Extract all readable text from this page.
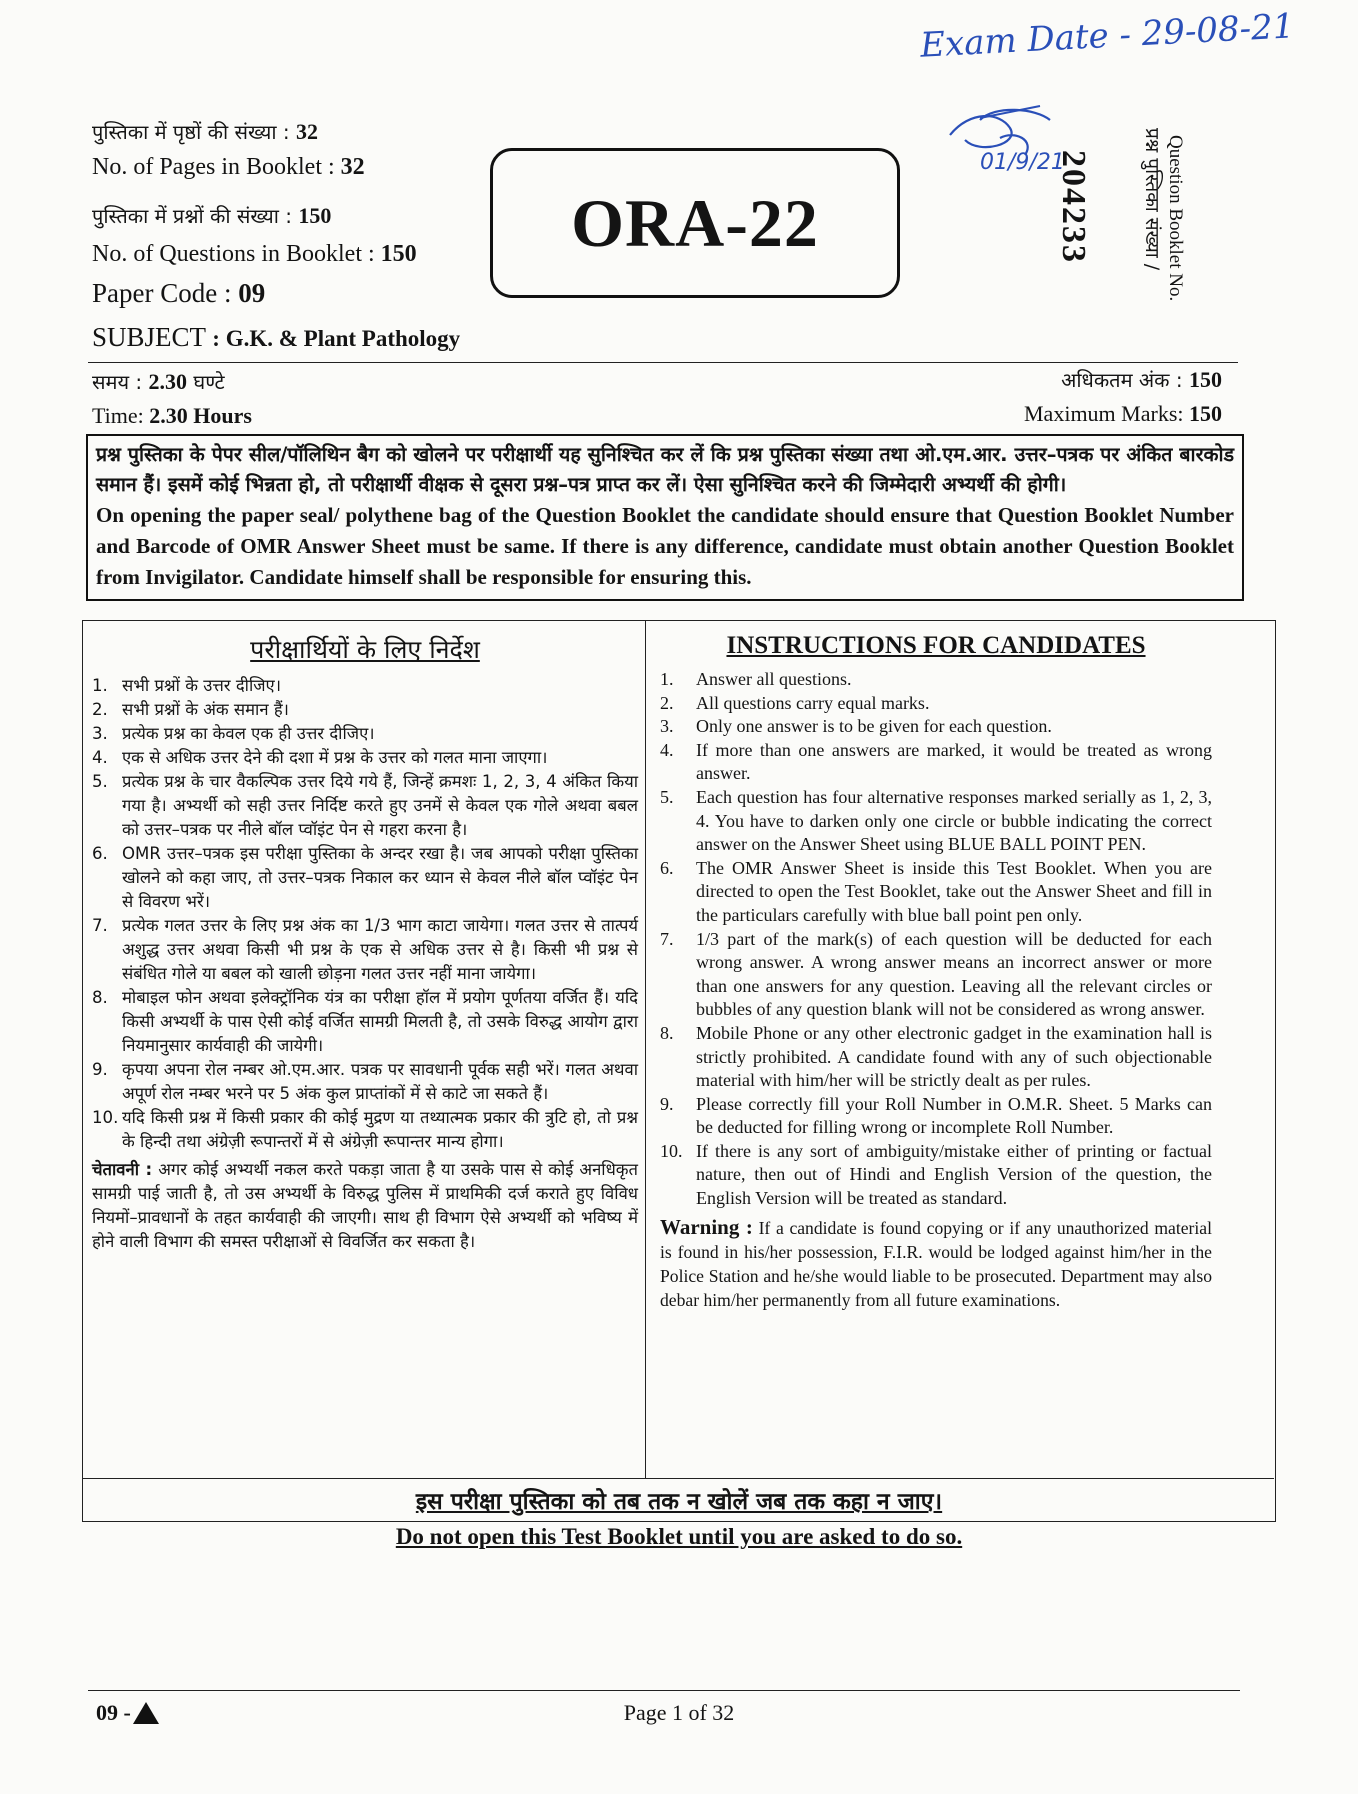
Exam Date - 29-08-21
01/9/21
पुस्तिका में पृष्ठों की संख्या : 32
No. of Pages in Booklet : 32
पुस्तिका में प्रश्नों की संख्या : 150
No. of Questions in Booklet : 150
Paper Code : 09
SUBJECT : G.K. & Plant Pathology
ORA-22	204233	प्रश्न पुस्तिका संख्या / Question Booklet No.
समय : 2.30 घण्टे
Time: 2.30 Hours
अधिकतम अंक : 150
Maximum Marks: 150
प्रश्न पुस्तिका के पेपर सील/पॉलिथिन बैग को खोलने पर परीक्षार्थी यह सुनिश्चित कर लें कि प्रश्न पुस्तिका संख्या तथा ओ.एम.आर. उत्तर–पत्रक पर अंकित बारकोड समान हैं। इसमें कोई भिन्नता हो, तो परीक्षार्थी वीक्षक से दूसरा प्रश्न–पत्र प्राप्त कर लें। ऐसा सुनिश्चित करने की जिम्मेदारी अभ्यर्थी की होगी।
On opening the paper seal/ polythene bag of the Question Booklet the candidate should ensure that Question Booklet Number and Barcode of OMR Answer Sheet must be same. If there is any difference, candidate must obtain another Question Booklet from Invigilator. Candidate himself shall be responsible for ensuring this.
परीक्षार्थियों के लिए निर्देश
1. सभी प्रश्नों के उत्तर दीजिए।
2. सभी प्रश्नों के अंक समान हैं।
3. प्रत्येक प्रश्न का केवल एक ही उत्तर दीजिए।
4. एक से अधिक उत्तर देने की दशा में प्रश्न के उत्तर को गलत माना जाएगा।
5. प्रत्येक प्रश्न के चार वैकल्पिक उत्तर दिये गये हैं, जिन्हें क्रमशः 1, 2, 3, 4 अंकित किया गया है। अभ्यर्थी को सही उत्तर निर्दिष्ट करते हुए उनमें से केवल एक गोले अथवा बबल को उत्तर–पत्रक पर नीले बॉल प्वॉइंट पेन से गहरा करना है।
6. OMR उत्तर–पत्रक इस परीक्षा पुस्तिका के अन्दर रखा है। जब आपको परीक्षा पुस्तिका खोलने को कहा जाए, तो उत्तर–पत्रक निकाल कर ध्यान से केवल नीले बॉल प्वॉइंट पेन से विवरण भरें।
7. प्रत्येक गलत उत्तर के लिए प्रश्न अंक का 1/3 भाग काटा जायेगा। गलत उत्तर से तात्पर्य अशुद्ध उत्तर अथवा किसी भी प्रश्न के एक से अधिक उत्तर से है। किसी भी प्रश्न से संबंधित गोले या बबल को खाली छोड़ना गलत उत्तर नहीं माना जायेगा।
8. मोबाइल फोन अथवा इलेक्ट्रॉनिक यंत्र का परीक्षा हॉल में प्रयोग पूर्णतया वर्जित हैं। यदि किसी अभ्यर्थी के पास ऐसी कोई वर्जित सामग्री मिलती है, तो उसके विरुद्ध आयोग द्वारा नियमानुसार कार्यवाही की जायेगी।
9. कृपया अपना रोल नम्बर ओ.एम.आर. पत्रक पर सावधानी पूर्वक सही भरें। गलत अथवा अपूर्ण रोल नम्बर भरने पर 5 अंक कुल प्राप्तांकों में से काटे जा सकते हैं।
10. यदि किसी प्रश्न में किसी प्रकार की कोई मुद्रण या तथ्यात्मक प्रकार की त्रुटि हो, तो प्रश्न के हिन्दी तथा अंग्रेज़ी रूपान्तरों में से अंग्रेज़ी रूपान्तर मान्य होगा।
चेतावनी : अगर कोई अभ्यर्थी नकल करते पकड़ा जाता है या उसके पास से कोई अनधिकृत सामग्री पाई जाती है, तो उस अभ्यर्थी के विरुद्ध पुलिस में प्राथमिकी दर्ज कराते हुए विविध नियमों–प्रावधानों के तहत कार्यवाही की जाएगी। साथ ही विभाग ऐसे अभ्यर्थी को भविष्य में होने वाली विभाग की समस्त परीक्षाओं से विवर्जित कर सकता है।
INSTRUCTIONS FOR CANDIDATES
1.	Answer all questions.
2.	All questions carry equal marks.
3.	Only one answer is to be given for each question.
4.	If more than one answers are marked, it would be treated as wrong answer.
5.	Each question has four alternative responses marked serially as 1, 2, 3, 4. You have to darken only one circle or bubble indicating the correct answer on the Answer Sheet using BLUE BALL POINT PEN.
6.	The OMR Answer Sheet is inside this Test Booklet. When you are directed to open the Test Booklet, take out the Answer Sheet and fill in the particulars carefully with blue ball point pen only.
7.	1/3 part of the mark(s) of each question will be deducted for each wrong answer. A wrong answer means an incorrect answer or more than one answers for any question. Leaving all the relevant circles or bubbles of any question blank will not be considered as wrong answer.
8.	Mobile Phone or any other electronic gadget in the examination hall is strictly prohibited. A candidate found with any of such objectionable material with him/her will be strictly dealt as per rules.
9.	Please correctly fill your Roll Number in O.M.R. Sheet. 5 Marks can be deducted for filling wrong or incomplete Roll Number.
10. If there is any sort of ambiguity/mistake either of printing or factual nature, then out of Hindi and English Version of the question, the English Version will be treated as standard.
Warning : If a candidate is found copying or if any unauthorized material is found in his/her possession, F.I.R. would be lodged against him/her in the Police Station and he/she would liable to be prosecuted. Department may also debar him/her permanently from all future examinations.
इस परीक्षा पुस्तिका को तब तक न खोलें जब तक कहा न जाए।
Do not open this Test Booklet until you are asked to do so.
09 -	Page 1 of 32
